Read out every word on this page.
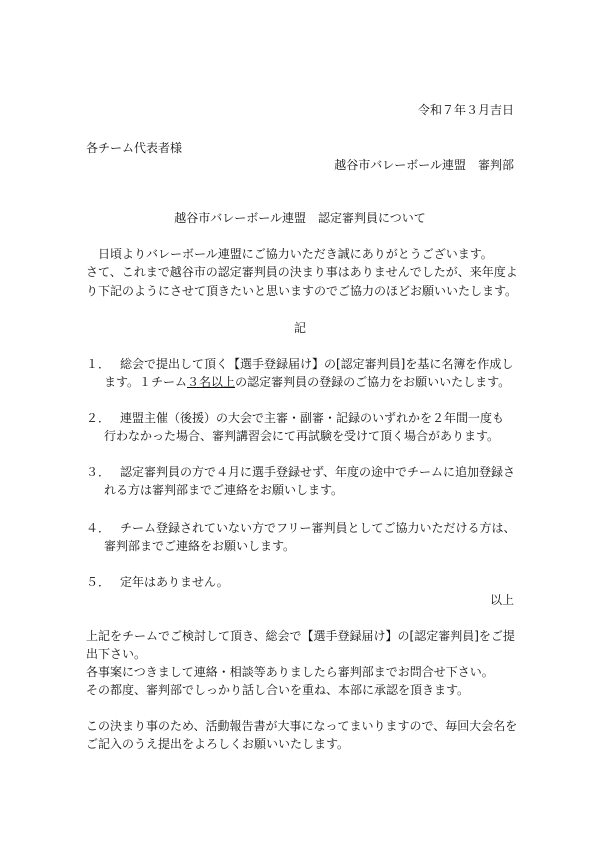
令和７年３月吉日
各チーム代表者様
越谷市バレーボール連盟　審判部
越谷市バレーボール連盟　認定審判員について
日頃よりバレーボール連盟にご協力いただき誠にありがとうございます。
さて、これまで越谷市の認定審判員の決まり事はありませんでしたが、来年度よ
り下記のようにさせて頂きたいと思いますのでご協力のほどお願いいたします。
記
１． 総会で提出して頂く【選手登録届け】の[認定審判員]を基に名簿を作成し
ます。１チーム３名以上の認定審判員の登録のご協力をお願いいたします。
２． 連盟主催（後援）の大会で主審・副審・記録のいずれかを２年間一度も
行わなかった場合、審判講習会にて再試験を受けて頂く場合があります。
３． 認定審判員の方で４月に選手登録せず、年度の途中でチームに追加登録さ
れる方は審判部までご連絡をお願いします。
４． チーム登録されていない方でフリー審判員としてご協力いただける方は、
審判部までご連絡をお願いします。
５． 定年はありません。
以上
上記をチームでご検討して頂き、総会で【選手登録届け】の[認定審判員]をご提
出下さい。
各事案につきまして連絡・相談等ありましたら審判部までお問合せ下さい。
その都度、審判部でしっかり話し合いを重ね、本部に承認を頂きます。
この決まり事のため、活動報告書が大事になってまいりますので、毎回大会名を
ご記入のうえ提出をよろしくお願いいたします。
